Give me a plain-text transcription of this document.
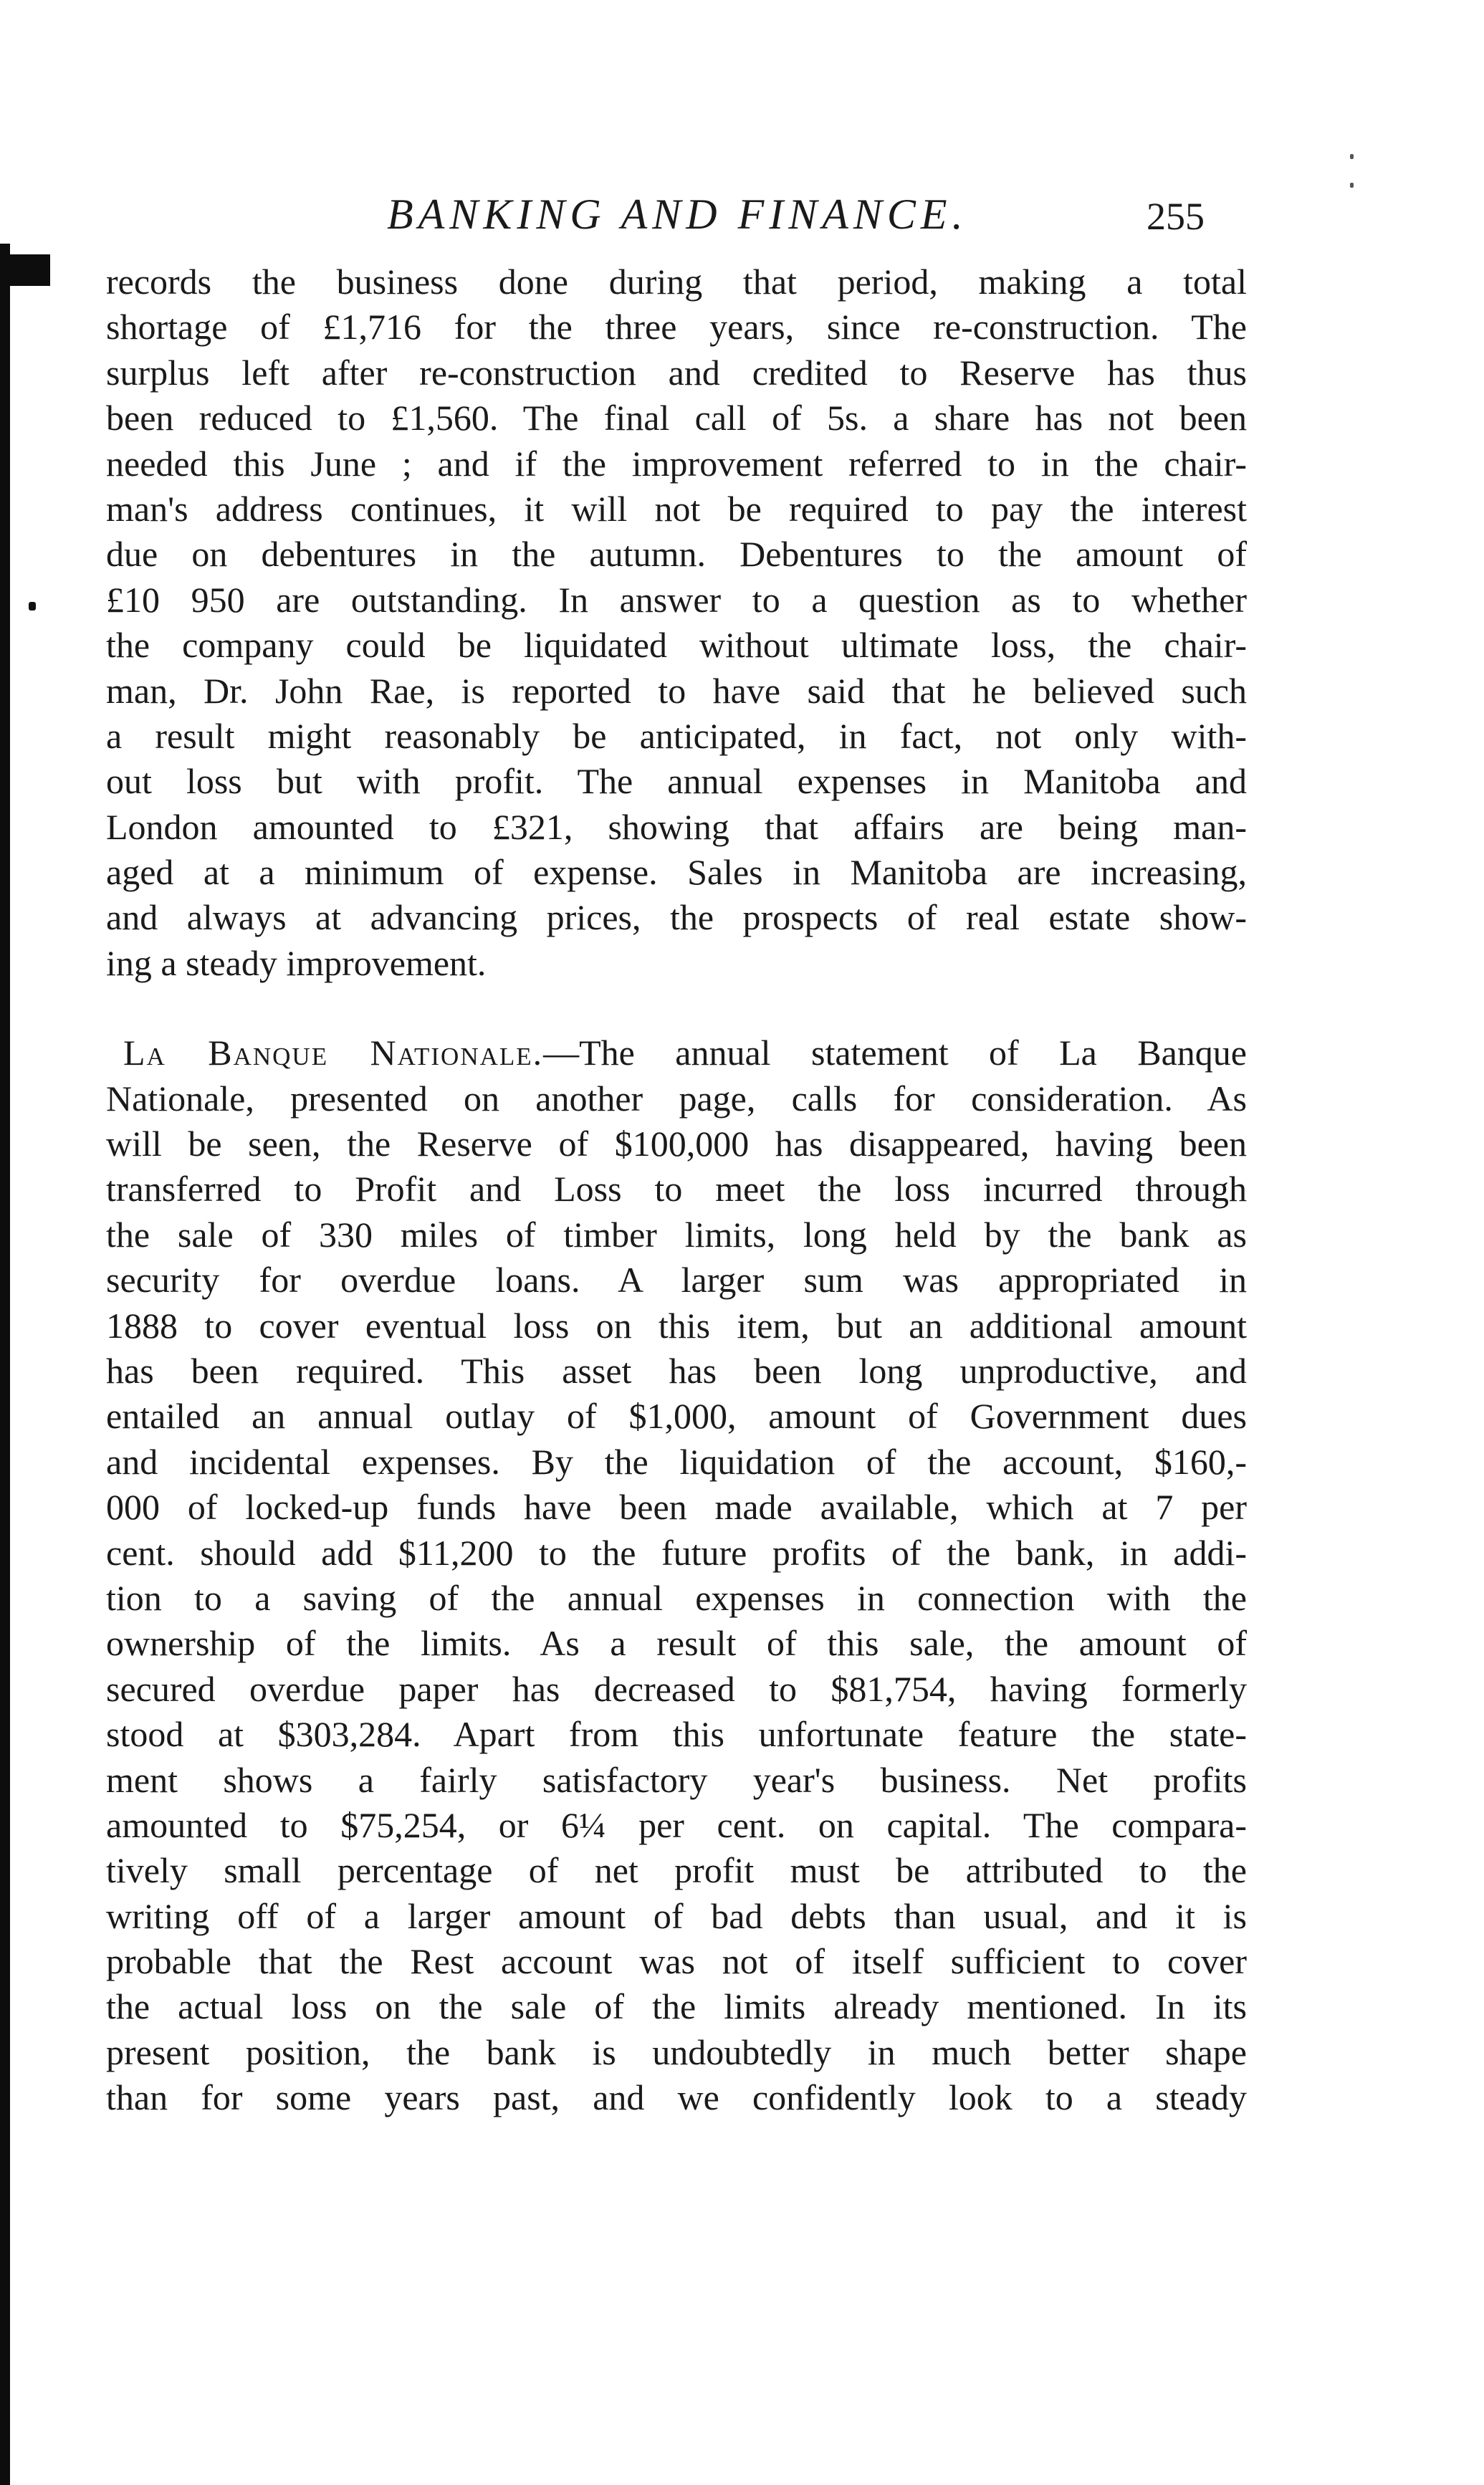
BANKING AND FINANCE.	255
records the business done during that period, making a total
shortage of £1,716 for the three years, since re-construction. The
surplus left after re-construction and credited to Reserve has thus
been reduced to £1,560. The final call of 5s. a share has not been
needed this June ; and if the improvement referred to in the chair-
man's address continues, it will not be required to pay the interest
due on debentures in the autumn. Debentures to the amount of
£10 950 are outstanding. In answer to a question as to whether
the company could be liquidated without ultimate loss, the chair-
man, Dr. John Rae, is reported to have said that he believed such
a result might reasonably be anticipated, in fact, not only with-
out loss but with profit. The annual expenses in Manitoba and
London amounted to £321, showing that affairs are being man-
aged at a minimum of expense. Sales in Manitoba are increasing,
and always at advancing prices, the prospects of real estate show-
ing a steady improvement.
La Banque Nationale.—The annual statement of La Banque
Nationale, presented on another page, calls for consideration. As
will be seen, the Reserve of $100,000 has disappeared, having been
transferred to Profit and Loss to meet the loss incurred through
the sale of 330 miles of timber limits, long held by the bank as
security for overdue loans. A larger sum was appropriated in
1888 to cover eventual loss on this item, but an additional amount
has been required. This asset has been long unproductive, and
entailed an annual outlay of $1,000, amount of Government dues
and incidental expenses. By the liquidation of the account, $160,-
000 of locked-up funds have been made available, which at 7 per
cent. should add $11,200 to the future profits of the bank, in addi-
tion to a saving of the annual expenses in connection with the
ownership of the limits. As a result of this sale, the amount of
secured overdue paper has decreased to $81,754, having formerly
stood at $303,284. Apart from this unfortunate feature the state-
ment shows a fairly satisfactory year's business. Net profits
amounted to $75,254, or 6¼ per cent. on capital. The compara-
tively small percentage of net profit must be attributed to the
writing off of a larger amount of bad debts than usual, and it is
probable that the Rest account was not of itself sufficient to cover
the actual loss on the sale of the limits already mentioned. In its
present position, the bank is undoubtedly in much better shape
than for some years past, and we confidently look to a steady
